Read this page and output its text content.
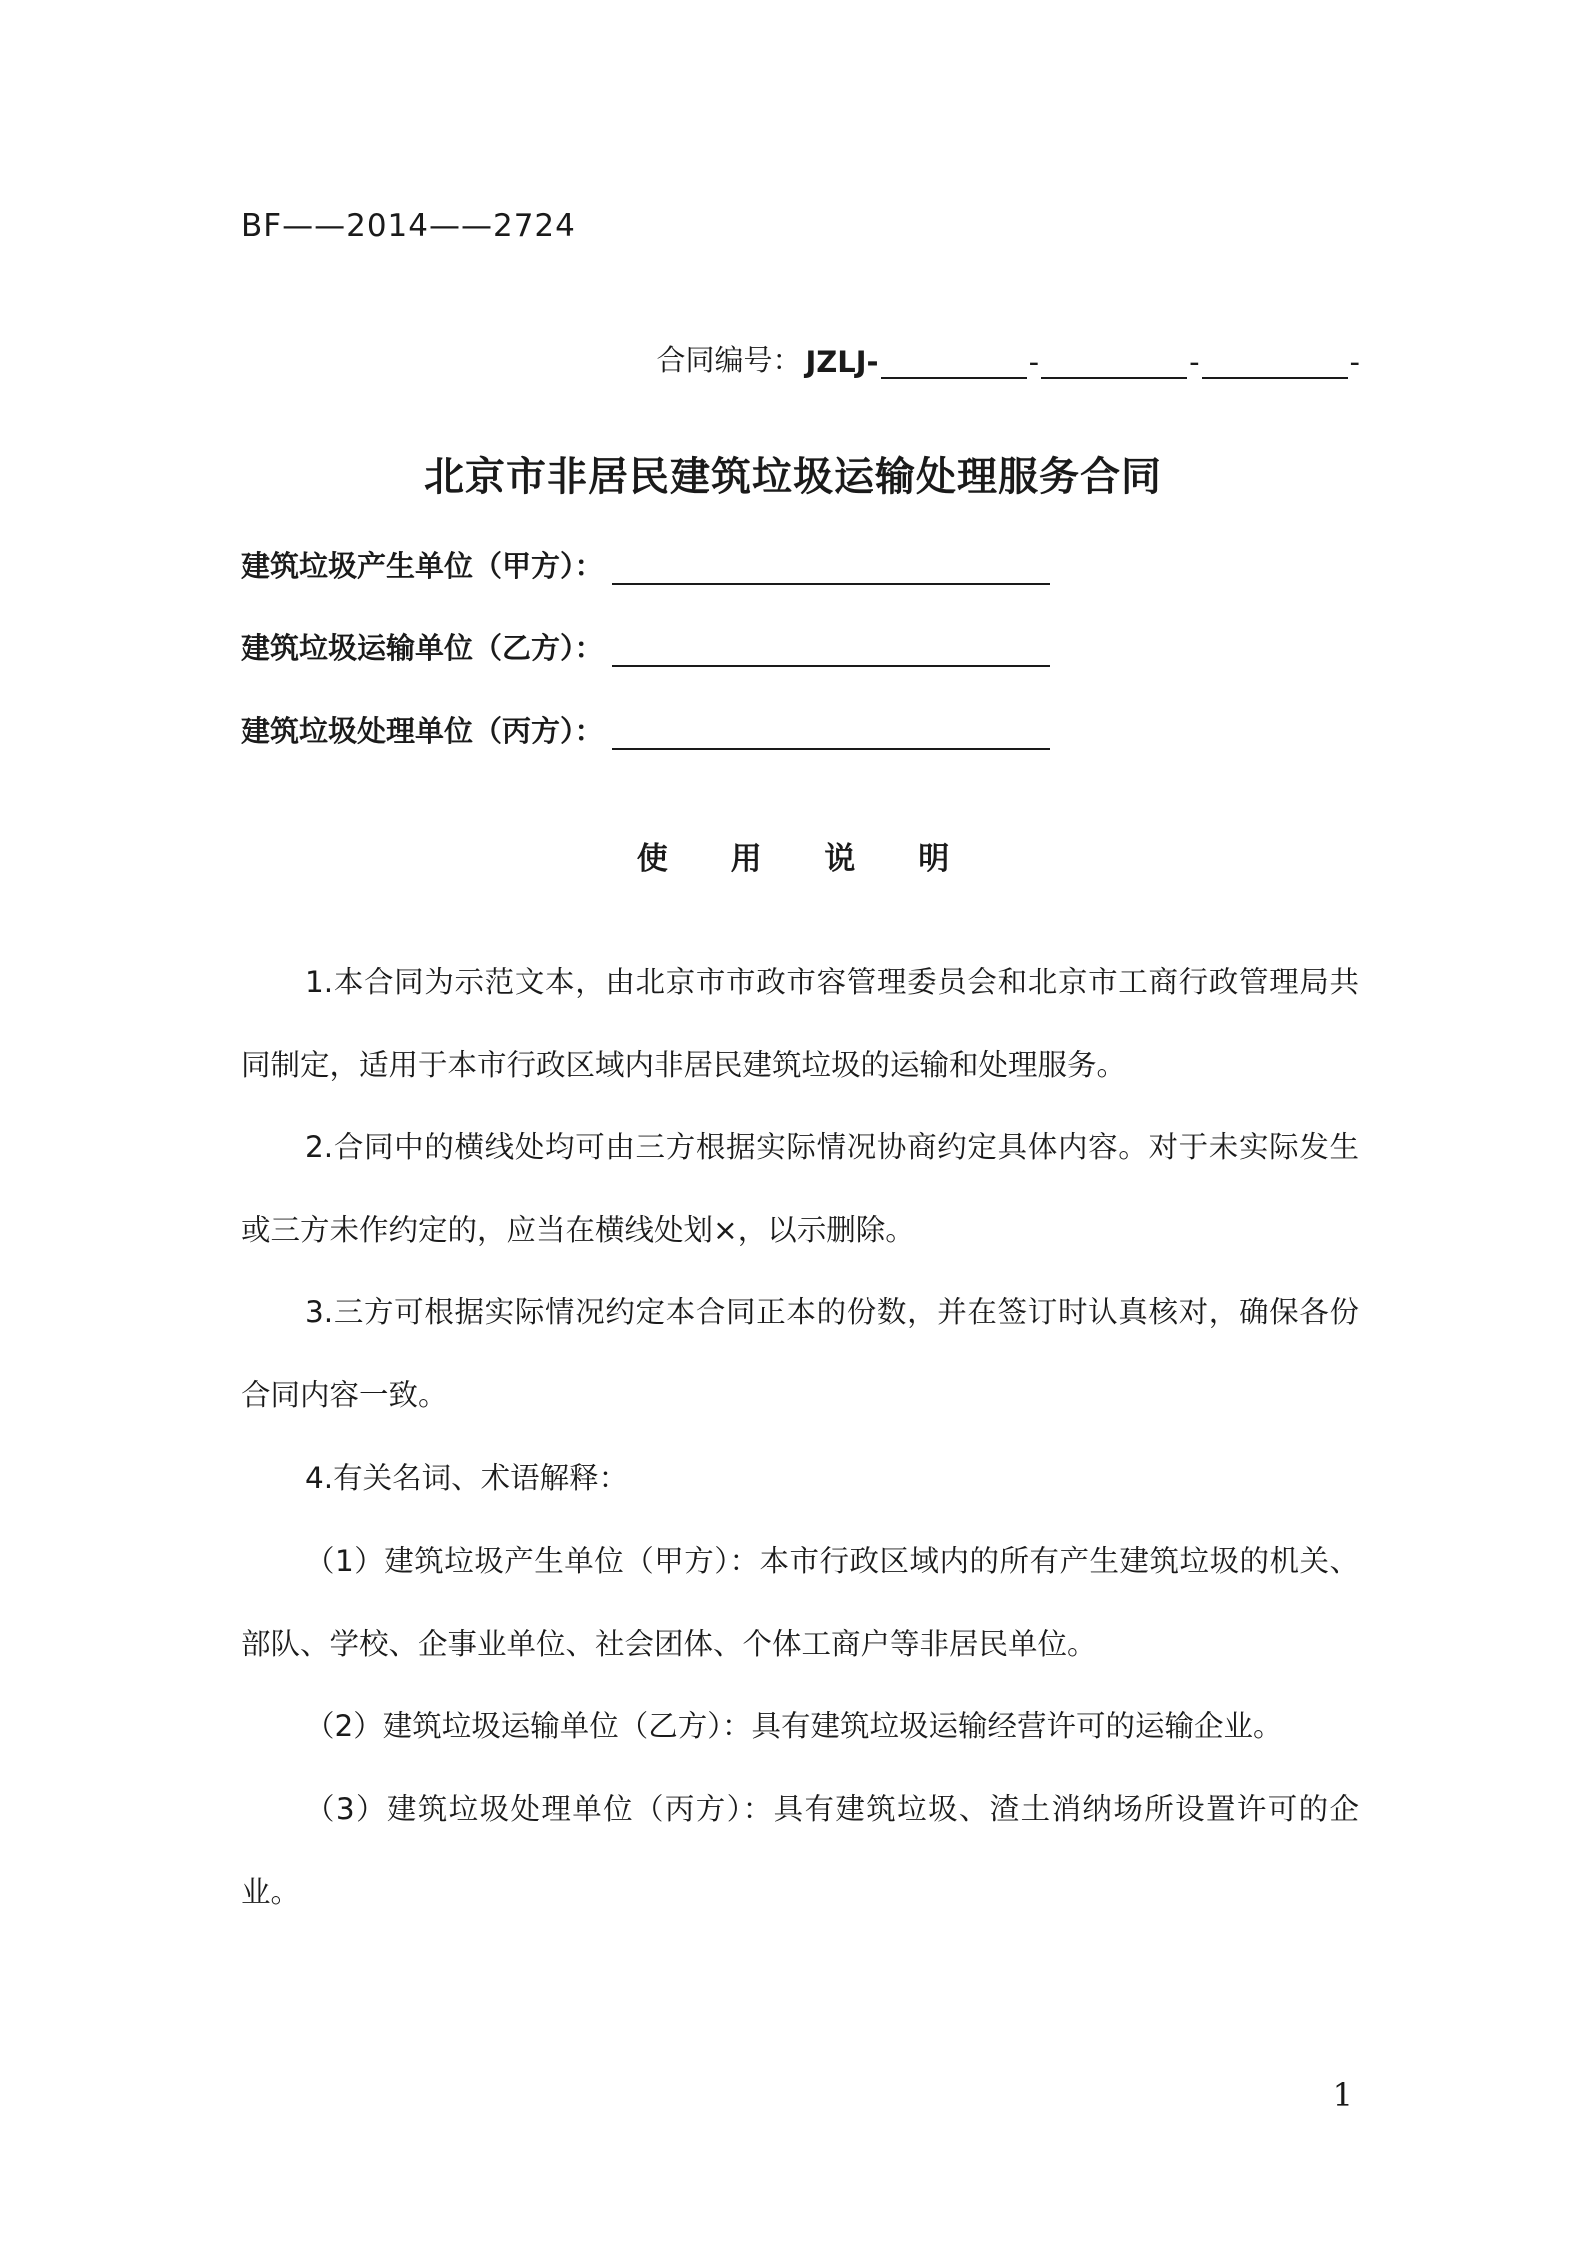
BF——2014——2724
合同编号： JZLJ-	-	-	-
北京市非居民建筑垃圾运输处理服务合同
建筑垃圾产生单位（甲方）：
建筑垃圾运输单位（乙方）：
建筑垃圾处理单位（丙方）：
使 用 说 明
1.本合同为示范文本，由北京市市政市容管理委员会和北京市工商行政管理局共同制定，适用于本市行政区域内非居民建筑垃圾的运输和处理服务。
2.合同中的横线处均可由三方根据实际情况协商约定具体内容。对于未实际发生或三方未作约定的，应当在横线处划×，以示删除。
3.三方可根据实际情况约定本合同正本的份数，并在签订时认真核对，确保各份合同内容一致。
4.有关名词、术语解释：
（1）建筑垃圾产生单位（甲方）：本市行政区域内的所有产生建筑垃圾的机关、部队、学校、企事业单位、社会团体、个体工商户等非居民单位。
（2）建筑垃圾运输单位（乙方）：具有建筑垃圾运输经营许可的运输企业。
（3）建筑垃圾处理单位（丙方）：具有建筑垃圾、渣土消纳场所设置许可的企业。
1
